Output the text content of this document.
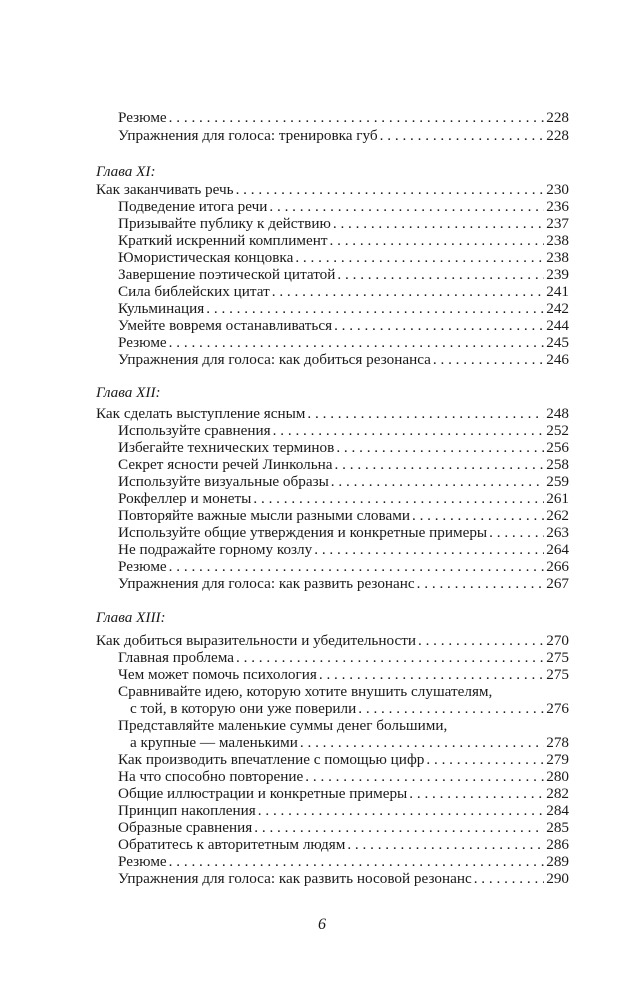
Резюме . . .	228
Упражнения для голоса: тренировка губ . . .	228
Глава XI:
Как заканчивать речь . . .	230
Подведение итога речи . . .	236
Призывайте публику к действию . . .	237
Краткий искренний комплимент . . .	238
Юмористическая концовка . . .	238
Завершение поэтической цитатой . . .	239
Сила библейских цитат . . .	241
Кульминация . . .	242
Умейте вовремя останавливаться . . .	244
Резюме . . .	245
Упражнения для голоса: как добиться резонанса . . .	246
Глава XII:
Как сделать выступление ясным . . .	248
Используйте сравнения . . .	252
Избегайте технических терминов . . .	256
Секрет ясности речей Линкольна . . .	258
Используйте визуальные образы . . .	259
Рокфеллер и монеты . . .	261
Повторяйте важные мысли разными словами . . .	262
Используйте общие утверждения и конкретные примеры . . .	263
Не подражайте горному козлу . . .	264
Резюме . . .	266
Упражнения для голоса: как развить резонанс . . .	267
Глава XIII:
Как добиться выразительности и убедительности . . .	270
Главная проблема . . .	275
Чем может помочь психология . . .	275
Сравнивайте идею, которую хотите внушить слушателям,
с той, в которую они уже поверили . . .	276
Представляйте маленькие суммы денег большими,
а крупные — маленькими . . .	278
Как производить впечатление с помощью цифр . . .	279
На что способно повторение . . .	280
Общие иллюстрации и конкретные примеры . . .	282
Принцип накопления . . .	284
Образные сравнения . . .	285
Обратитесь к авторитетным людям . . .	286
Резюме . . .	289
Упражнения для голоса: как развить носовой резонанс . . .	290
6
